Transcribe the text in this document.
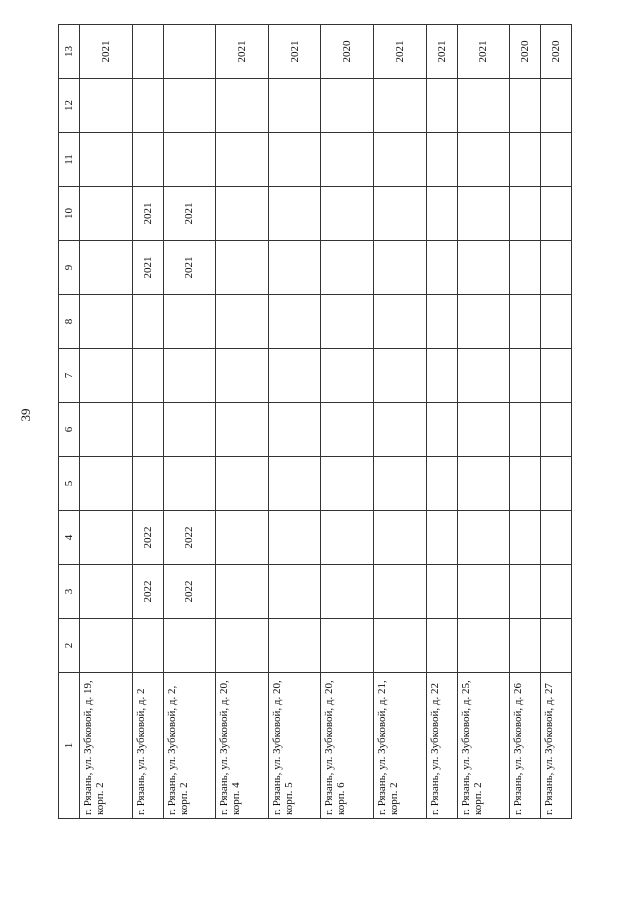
39
1	2	3	4	5	6	7	8	9	10	11	12	13
г. Рязань, ул. Зубковой, д. 19, корп. 2												2021
г. Рязань, ул. Зубковой, д. 2		2022	2022					2021	2021			
г. Рязань, ул. Зубковой, д. 2, корп. 2		2022	2022					2021	2021			
г. Рязань, ул. Зубковой, д. 20, корп. 4												2021
г. Рязань, ул. Зубковой, д. 20, корп. 5												2021
г. Рязань, ул. Зубковой, д. 20, корп. 6												2020
г. Рязань, ул. Зубковой, д. 21, корп. 2												2021
г. Рязань, ул. Зубковой, д. 22												2021
г. Рязань, ул. Зубковой, д. 25, корп. 2												2021
г. Рязань, ул. Зубковой, д. 26												2020
г. Рязань, ул. Зубковой, д. 27												2020
